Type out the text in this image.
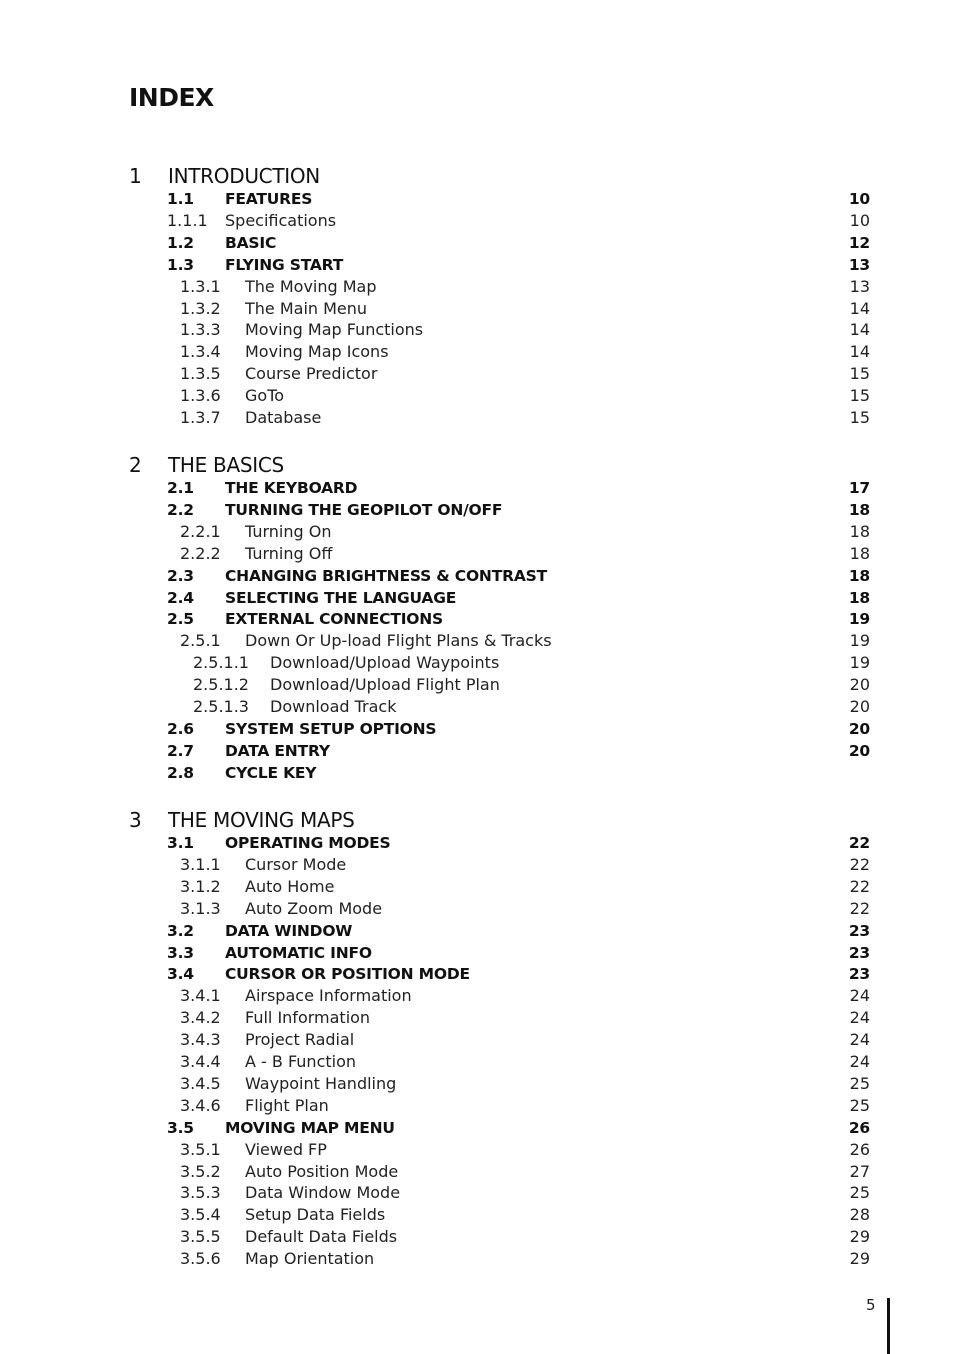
INDEX
1 INTRODUCTION
1.1 FEATURES	10
1.1.1 Specifications	10
1.2 BASIC	12
1.3 FLYING START	13
1.3.1 The Moving Map	13
1.3.2 The Main Menu	14
1.3.3 Moving Map Functions	14
1.3.4 Moving Map Icons	14
1.3.5 Course Predictor	15
1.3.6 GoTo	15
1.3.7 Database	15
2 THE BASICS
2.1 THE KEYBOARD	17
2.2 TURNING THE GEOPILOT ON/OFF	18
2.2.1 Turning On	18
2.2.2 Turning Off	18
2.3 CHANGING BRIGHTNESS & CONTRAST	18
2.4 SELECTING THE LANGUAGE	18
2.5 EXTERNAL CONNECTIONS	19
2.5.1 Down Or Up-load Flight Plans & Tracks	19
2.5.1.1 Download/Upload Waypoints	19
2.5.1.2 Download/Upload Flight Plan	20
2.5.1.3 Download Track	20
2.6 SYSTEM SETUP OPTIONS	20
2.7 DATA ENTRY	20
2.8 CYCLE KEY
3 THE MOVING MAPS
3.1 OPERATING MODES	22
3.1.1 Cursor Mode	22
3.1.2 Auto Home	22
3.1.3 Auto Zoom Mode	22
3.2 DATA WINDOW	23
3.3 AUTOMATIC INFO	23
3.4 CURSOR OR POSITION MODE	23
3.4.1 Airspace Information	24
3.4.2 Full Information	24
3.4.3 Project Radial	24
3.4.4 A - B Function	24
3.4.5 Waypoint Handling	25
3.4.6 Flight Plan	25
3.5 MOVING MAP MENU	26
3.5.1 Viewed FP	26
3.5.2 Auto Position Mode	27
3.5.3 Data Window Mode	25
3.5.4 Setup Data Fields	28
3.5.5 Default Data Fields	29
3.5.6 Map Orientation	29
5
